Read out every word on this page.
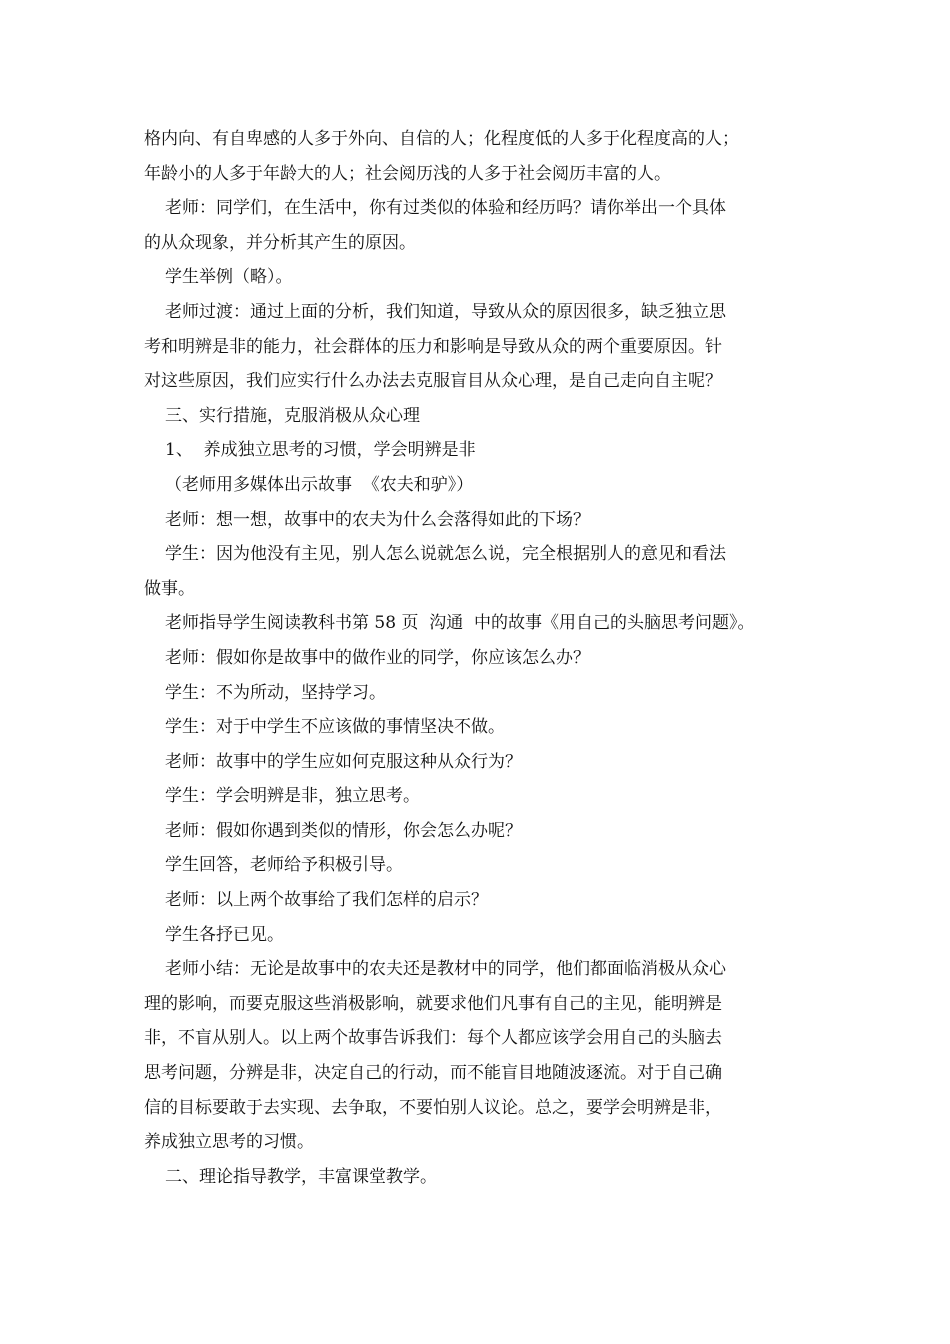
格内向、有自卑感的人多于外向、自信的人；化程度低的人多于化程度高的人；
年龄小的人多于年龄大的人；社会阅历浅的人多于社会阅历丰富的人。
老师：同学们，在生活中，你有过类似的体验和经历吗？请你举出一个具体
的从众现象，并分析其产生的原因。
学生举例（略）。
老师过渡：通过上面的分析，我们知道，导致从众的原因很多，缺乏独立思
考和明辨是非的能力，社会群体的压力和影响是导致从众的两个重要原因。针
对这些原因，我们应实行什么办法去克服盲目从众心理，是自己走向自主呢？
三、实行措施，克服消极从众心理
1、  养成独立思考的习惯，学会明辨是非
（老师用多媒体出示故事  《农夫和驴》）
老师：想一想，故事中的农夫为什么会落得如此的下场？
学生：因为他没有主见，别人怎么说就怎么说，完全根据别人的意见和看法
做事。
老师指导学生阅读教科书第 58 页  沟通  中的故事《用自己的头脑思考问题》。
老师：假如你是故事中的做作业的同学，你应该怎么办？
学生：不为所动，坚持学习。
学生：对于中学生不应该做的事情坚决不做。
老师：故事中的学生应如何克服这种从众行为？
学生：学会明辨是非，独立思考。
老师：假如你遇到类似的情形，你会怎么办呢？
学生回答，老师给予积极引导。
老师：以上两个故事给了我们怎样的启示？
学生各抒已见。
老师小结：无论是故事中的农夫还是教材中的同学，他们都面临消极从众心
理的影响，而要克服这些消极影响，就要求他们凡事有自己的主见，能明辨是
非，不盲从别人。以上两个故事告诉我们：每个人都应该学会用自己的头脑去
思考问题，分辨是非，决定自己的行动，而不能盲目地随波逐流。对于自己确
信的目标要敢于去实现、去争取，不要怕别人议论。总之，要学会明辨是非，
养成独立思考的习惯。
二、理论指导教学，丰富课堂教学。
